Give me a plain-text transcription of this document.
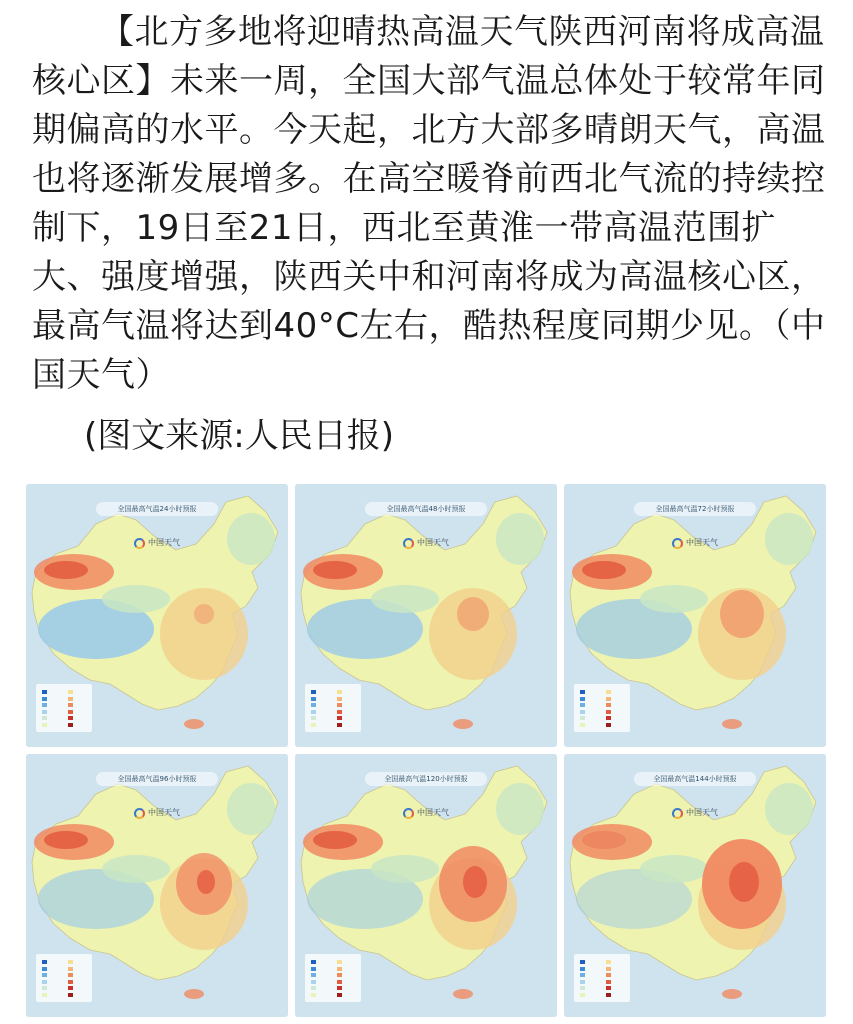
【北方多地将迎晴热高温天气陕西河南将成高温核心区】未来一周，全国大部气温总体处于较常年同期偏高的水平。今天起，北方大部多晴朗天气，高温也将逐渐发展增多。在高空暖脊前西北气流的持续控制下，19日至21日，西北至黄淮一带高温范围扩大、强度增强，陕西关中和河南将成为高温核心区，最高气温将达到40°C左右，酷热程度同期少见。（中国天气）

(图文来源:人民日报)
全国最高气温24小时预报
中国天气
全国最高气温48小时预报
中国天气
全国最高气温72小时预报
中国天气
全国最高气温96小时预报
中国天气
全国最高气温120小时预报
中国天气
全国最高气温144小时预报
中国天气
